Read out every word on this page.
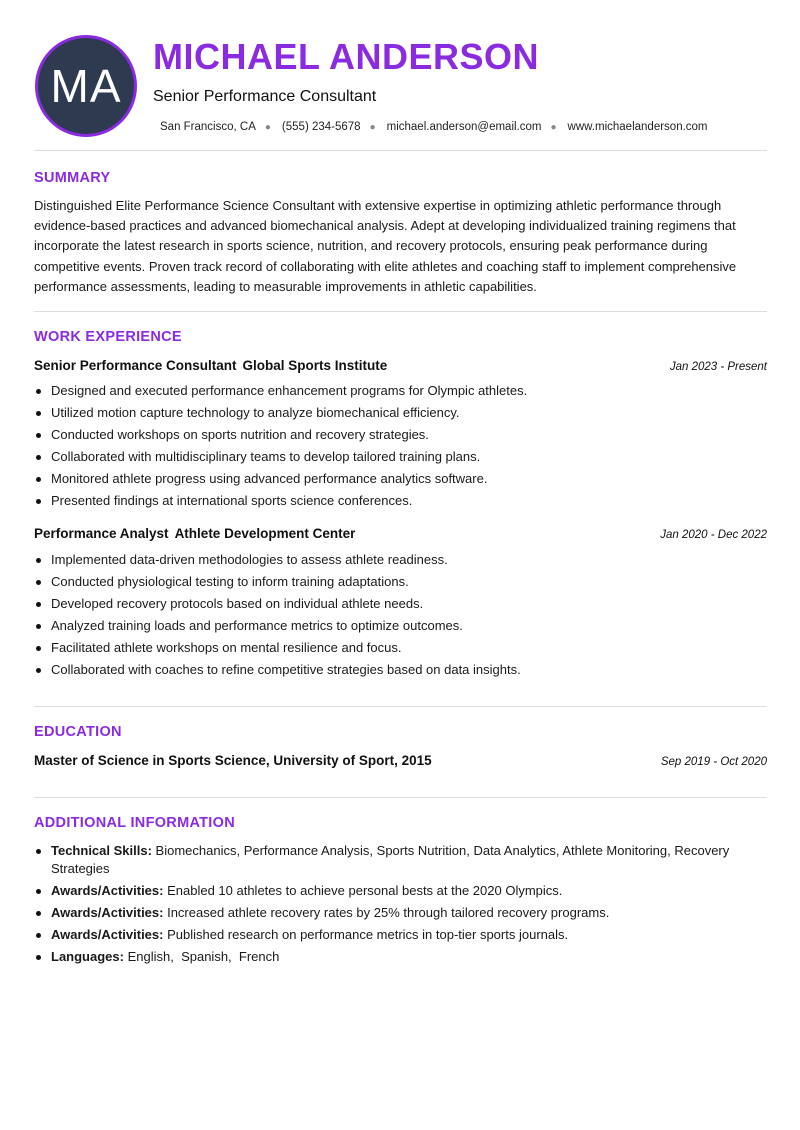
MA
MICHAEL ANDERSON
Senior Performance Consultant
San Francisco, CA ● (555) 234-5678 ● michael.anderson@email.com ● www.michaelanderson.com
SUMMARY
Distinguished Elite Performance Science Consultant with extensive expertise in optimizing athletic performance through evidence-based practices and advanced biomechanical analysis. Adept at developing individualized training regimens that incorporate the latest research in sports science, nutrition, and recovery protocols, ensuring peak performance during competitive events. Proven track record of collaborating with elite athletes and coaching staff to implement comprehensive performance assessments, leading to measurable improvements in athletic capabilities.
WORK EXPERIENCE
Senior Performance Consultant Global Sports Institute	Jan 2023 - Present
Designed and executed performance enhancement programs for Olympic athletes.
Utilized motion capture technology to analyze biomechanical efficiency.
Conducted workshops on sports nutrition and recovery strategies.
Collaborated with multidisciplinary teams to develop tailored training plans.
Monitored athlete progress using advanced performance analytics software.
Presented findings at international sports science conferences.
Performance Analyst Athlete Development Center	Jan 2020 - Dec 2022
Implemented data-driven methodologies to assess athlete readiness.
Conducted physiological testing to inform training adaptations.
Developed recovery protocols based on individual athlete needs.
Analyzed training loads and performance metrics to optimize outcomes.
Facilitated athlete workshops on mental resilience and focus.
Collaborated with coaches to refine competitive strategies based on data insights.
EDUCATION
Master of Science in Sports Science, University of Sport, 2015	Sep 2019 - Oct 2020
ADDITIONAL INFORMATION
Technical Skills: Biomechanics, Performance Analysis, Sports Nutrition, Data Analytics, Athlete Monitoring, Recovery Strategies
Awards/Activities: Enabled 10 athletes to achieve personal bests at the 2020 Olympics.
Awards/Activities: Increased athlete recovery rates by 25% through tailored recovery programs.
Awards/Activities: Published research on performance metrics in top-tier sports journals.
Languages: English,  Spanish,  French
